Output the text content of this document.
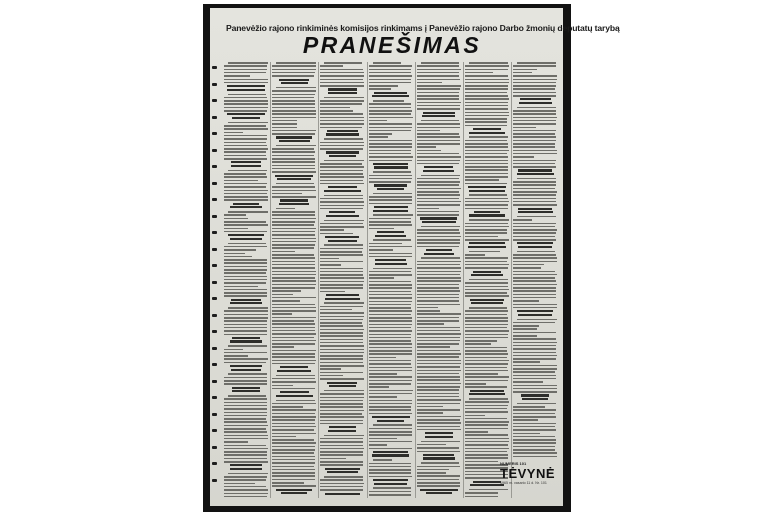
Panevėžio rajono rinkiminės komisijos rinkimams į Panevėžio rajono Darbo žmonių deputatų tarybą
PRANEŠIMAS
NUMERIS 101
TĖVYNĖ
1965 m. vasario 11 d. Nr. 101
